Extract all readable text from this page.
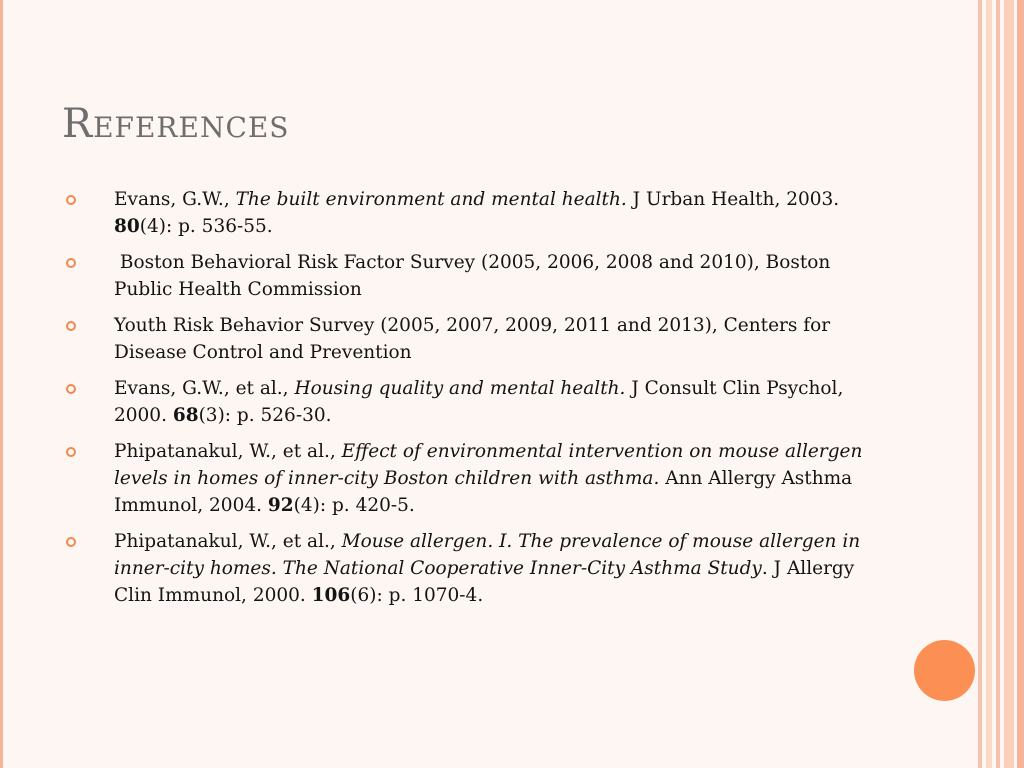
References
Evans, G.W., The built environment and mental health. J Urban Health, 2003. 80(4): p. 536-55.
Boston Behavioral Risk Factor Survey (2005, 2006, 2008 and 2010), Boston Public Health Commission
Youth Risk Behavior Survey (2005, 2007, 2009, 2011 and 2013), Centers for Disease Control and Prevention
Evans, G.W., et al., Housing quality and mental health. J Consult Clin Psychol, 2000. 68(3): p. 526-30.
Phipatanakul, W., et al., Effect of environmental intervention on mouse allergen levels in homes of inner-city Boston children with asthma. Ann Allergy Asthma Immunol, 2004. 92(4): p. 420-5.
Phipatanakul, W., et al., Mouse allergen. I. The prevalence of mouse allergen in inner-city homes. The National Cooperative Inner-City Asthma Study. J Allergy Clin Immunol, 2000. 106(6): p. 1070-4.
